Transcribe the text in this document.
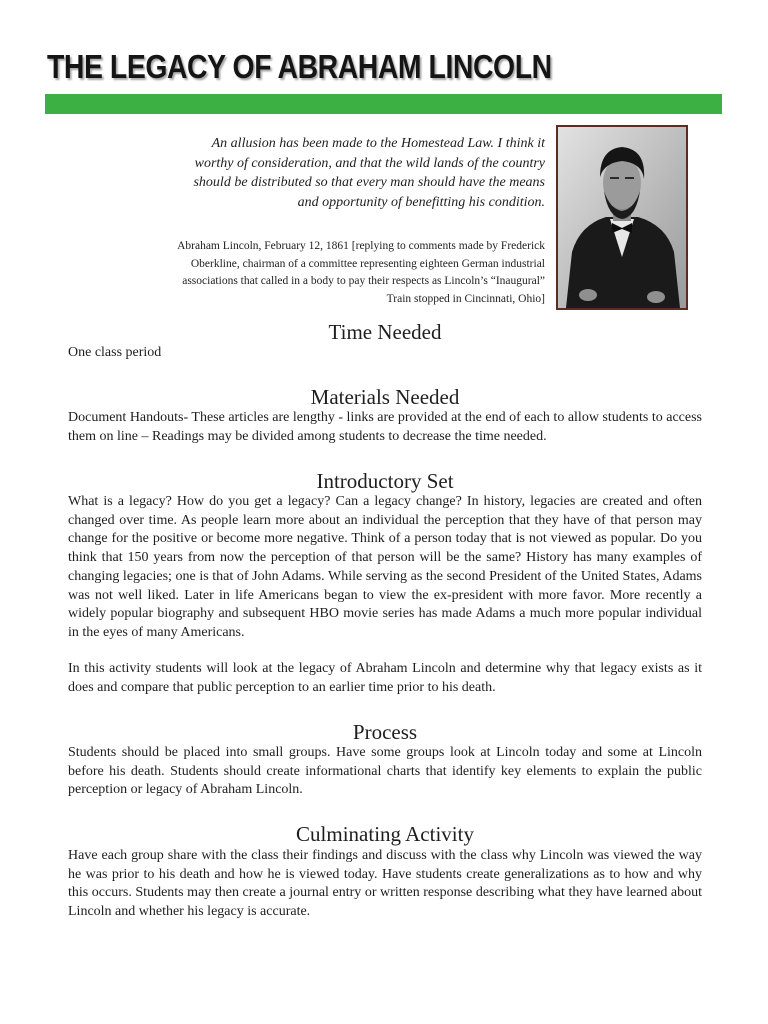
THE LEGACY OF ABRAHAM LINCOLN

An allusion has been made to the Homestead Law. I think it worthy of consideration, and that the wild lands of the country should be distributed so that every man should have the means and opportunity of benefitting his condition.

Abraham Lincoln, February 12, 1861 [replying to comments made by Frederick Oberkline, chairman of a committee representing eighteen German industrial associations that called in a body to pay their respects as Lincoln’s “Inaugural” Train stopped in Cincinnati, Ohio]

Time Needed

One class period

Materials Needed

Document Handouts- These articles are lengthy - links are provided at the end of each to allow students to access them on line – Readings may be divided among students to decrease the time needed.

Introductory Set

What is a legacy? How do you get a legacy? Can a legacy change? In history, legacies are created and often changed over time. As people learn more about an individual the perception that they have of that person may change for the positive or become more negative. Think of a person today that is not viewed as popular. Do you think that 150 years from now the perception of that person will be the same? History has many examples of changing legacies; one is that of John Adams. While serving as the second President of the United States, Adams was not well liked. Later in life Americans began to view the ex-president with more favor. More recently a widely popular biography and subsequent HBO movie series has made Adams a much more popular individual in the eyes of many Americans.

In this activity students will look at the legacy of Abraham Lincoln and determine why that legacy exists as it does and compare that public perception to an earlier time prior to his death.

Process

Students should be placed into small groups. Have some groups look at Lincoln today and some at Lincoln before his death. Students should create informational charts that identify key elements to explain the public perception or legacy of Abraham Lincoln.

Culminating Activity

Have each group share with the class their findings and discuss with the class why Lincoln was viewed the way he was prior to his death and how he is viewed today. Have students create generalizations as to how and why this occurs. Students may then create a journal entry or written response describing what they have learned about Lincoln and whether his legacy is accurate.
